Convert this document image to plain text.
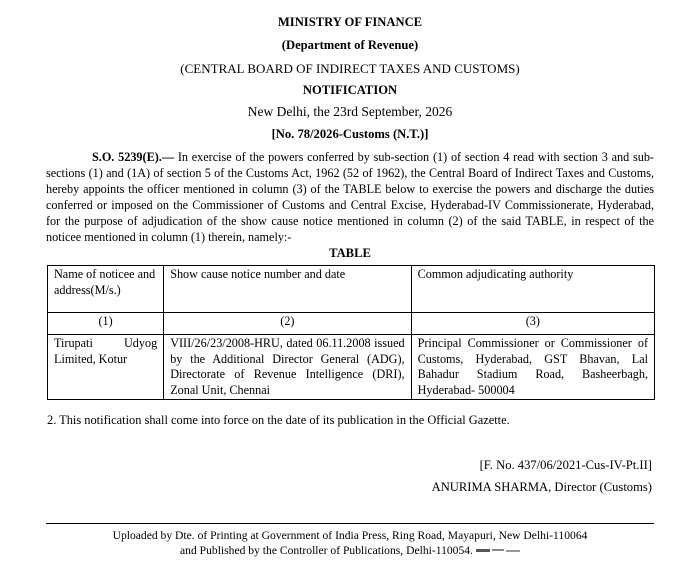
MINISTRY OF FINANCE
(Department of Revenue)
(CENTRAL BOARD OF INDIRECT TAXES AND CUSTOMS)
NOTIFICATION
New Delhi, the 23rd September, 2026
[No. 78/2026-Customs (N.T.)]
S.O. 5239(E).— In exercise of the powers conferred by sub-section (1) of section 4 read with section 3 and sub-sections (1) and (1A) of section 5 of the Customs Act, 1962 (52 of 1962), the Central Board of Indirect Taxes and Customs, hereby appoints the officer mentioned in column (3) of the TABLE below to exercise the powers and discharge the duties conferred or imposed on the Commissioner of Customs and Central Excise, Hyderabad-IV Commissionerate, Hyderabad, for the purpose of adjudication of the show cause notice mentioned in column (2) of the said TABLE, in respect of the noticee mentioned in column (1) therein, namely:-
TABLE
Name of noticee and address(M/s.)	Show cause notice number and date	Common adjudicating authority
(1)	(2)	(3)
Tirupati Udyog Limited, Kotur	VIII/26/23/2008-HRU, dated 06.11.2008 issued by the Additional Director General (ADG), Directorate of Revenue Intelligence (DRI), Zonal Unit, Chennai	Principal Commissioner or Commissioner of Customs, Hyderabad, GST Bhavan, Lal Bahadur Stadium Road, Basheerbagh, Hyderabad- 500004
2. This notification shall come into force on the date of its publication in the Official Gazette.
[F. No. 437/06/2021-Cus-IV-Pt.II]
ANURIMA SHARMA, Director (Customs)
Uploaded by Dte. of Printing at Government of India Press, Ring Road, Mayapuri, New Delhi-110064
and Published by the Controller of Publications, Delhi-110054.
